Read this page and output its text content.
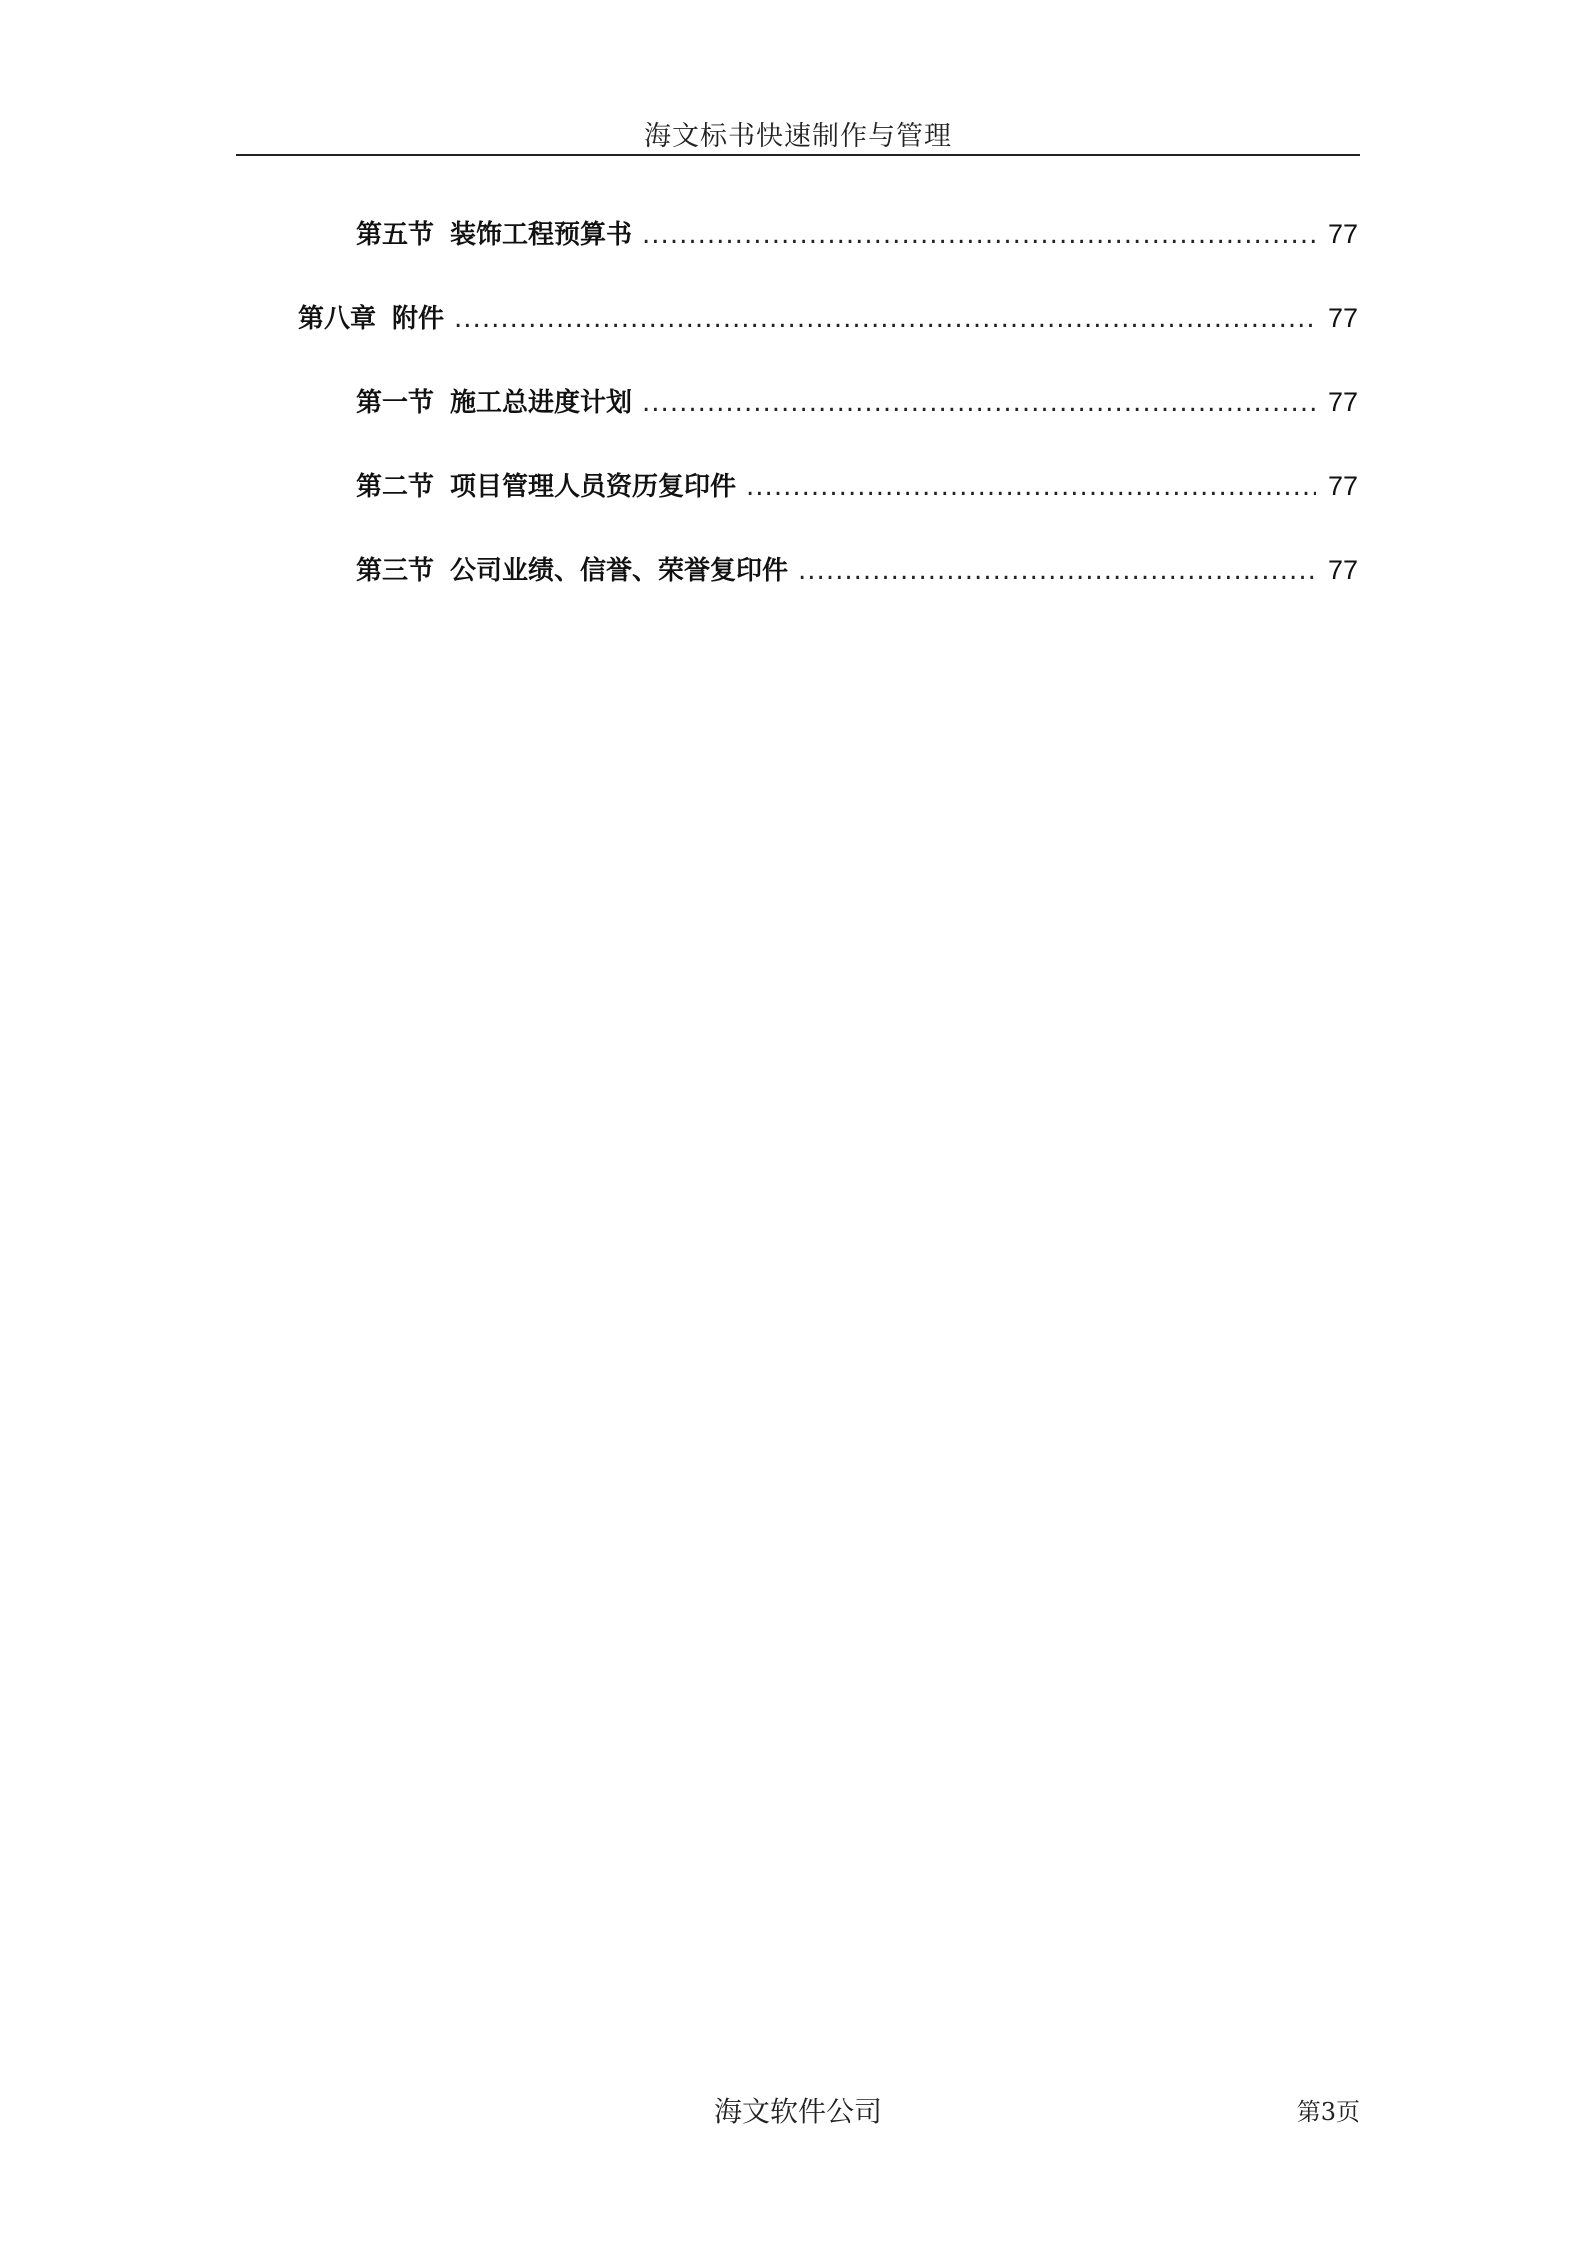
海文标书快速制作与管理
第五节 装饰工程预算书 .....	77
第八章 附件 .....	77
第一节 施工总进度计划 .....	77
第二节 项目管理人员资历复印件 .....	77
第三节 公司业绩、信誉、荣誉复印件 .....	77
海文软件公司	第3页
